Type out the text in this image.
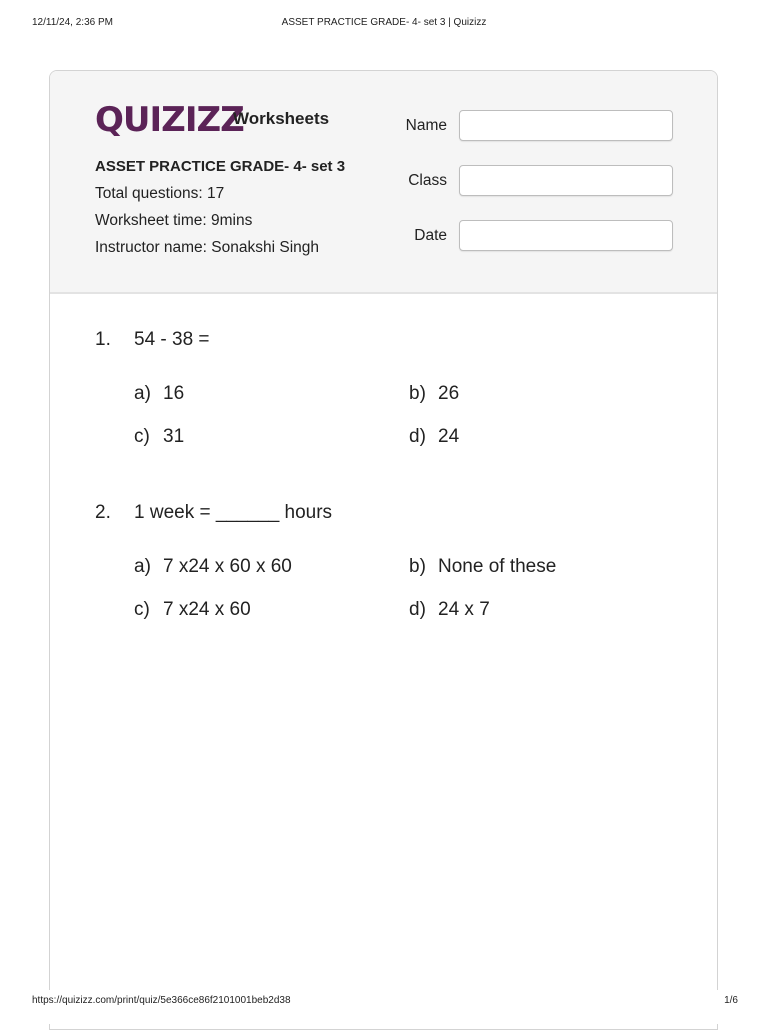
12/11/24, 2:36 PM	ASSET PRACTICE GRADE- 4- set 3 | Quizizz
QUIZIZZ
Worksheets
ASSET PRACTICE GRADE- 4- set 3
Total questions: 17
Worksheet time: 9mins
Instructor name: Sonakshi Singh
Name
Class
Date
1. 54 - 38 =
a) 16	b) 26
c) 31	d) 24
2. 1 week = ______ hours
a) 7 x24 x 60 x 60	b) None of these
c) 7 x24 x 60	d) 24 x 7
https://quizizz.com/print/quiz/5e366ce86f2101001beb2d38	1/6
